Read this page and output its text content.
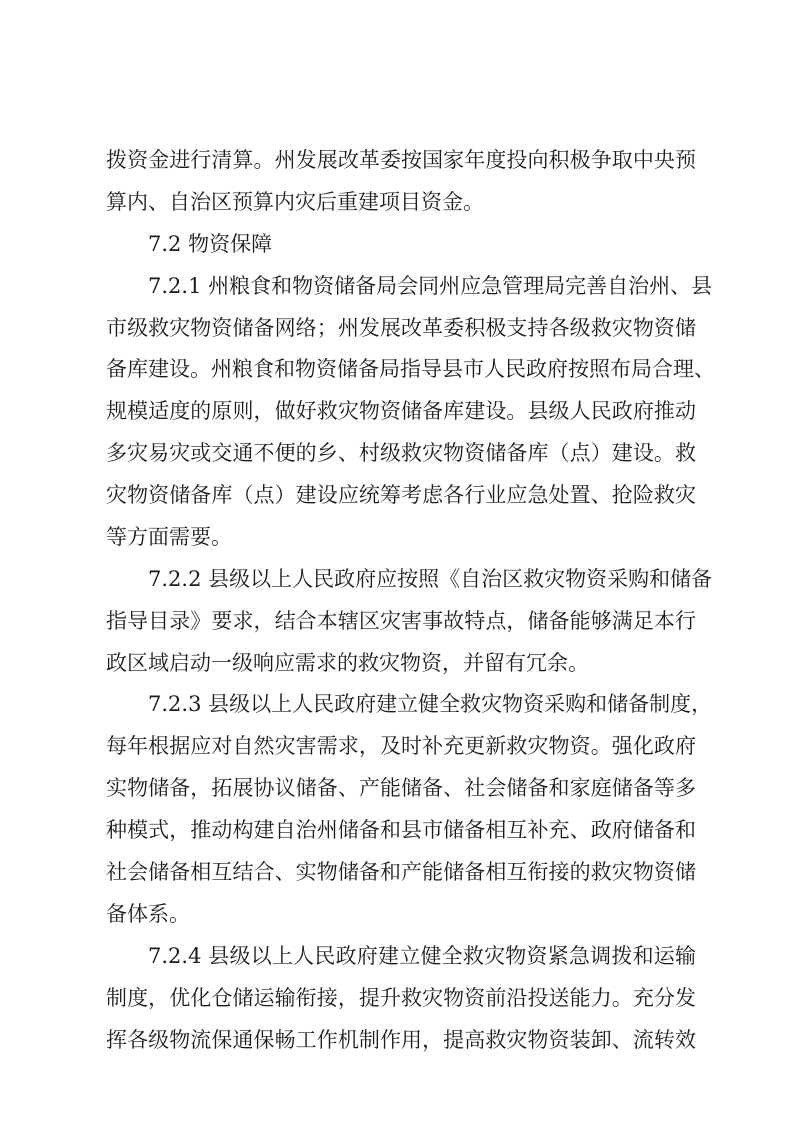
拨资金进行清算。州发展改革委按国家年度投向积极争取中央预
算内、自治区预算内灾后重建项目资金。
7.2 物资保障
7.2.1 州粮食和物资储备局会同州应急管理局完善自治州、县
市级救灾物资储备网络；州发展改革委积极支持各级救灾物资储
备库建设。州粮食和物资储备局指导县市人民政府按照布局合理、
规模适度的原则，做好救灾物资储备库建设。县级人民政府推动
多灾易灾或交通不便的乡、村级救灾物资储备库（点）建设。救
灾物资储备库（点）建设应统筹考虑各行业应急处置、抢险救灾
等方面需要。
7.2.2 县级以上人民政府应按照《自治区救灾物资采购和储备
指导目录》要求，结合本辖区灾害事故特点，储备能够满足本行
政区域启动一级响应需求的救灾物资，并留有冗余。
7.2.3 县级以上人民政府建立健全救灾物资采购和储备制度，
每年根据应对自然灾害需求，及时补充更新救灾物资。强化政府
实物储备，拓展协议储备、产能储备、社会储备和家庭储备等多
种模式，推动构建自治州储备和县市储备相互补充、政府储备和
社会储备相互结合、实物储备和产能储备相互衔接的救灾物资储
备体系。
7.2.4 县级以上人民政府建立健全救灾物资紧急调拨和运输
制度，优化仓储运输衔接，提升救灾物资前沿投送能力。充分发
挥各级物流保通保畅工作机制作用，提高救灾物资装卸、流转效
